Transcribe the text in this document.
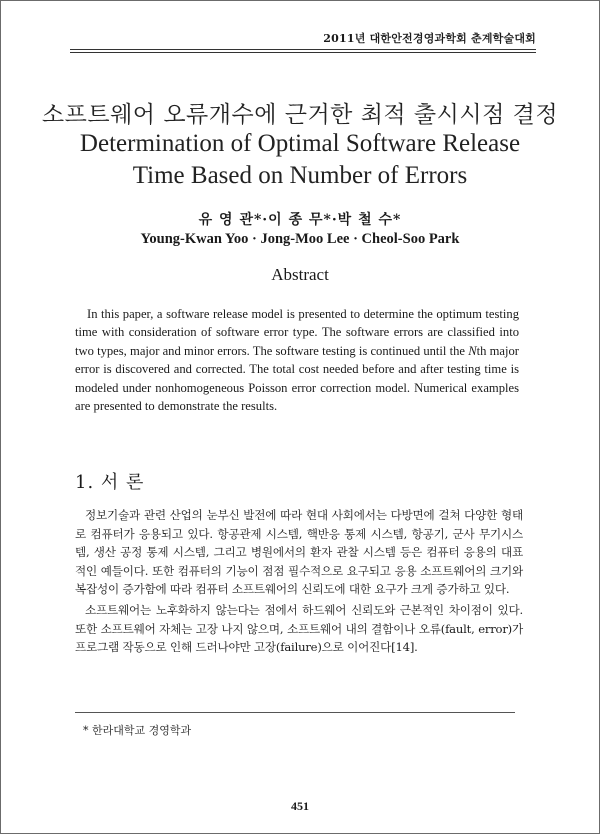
2011년 대한안전경영과학회 춘계학술대회
소프트웨어 오류개수에 근거한 최적 출시시점 결정
Determination of Optimal Software Release
Time Based on Number of Errors
유 영 관*·이 종 무*·박 철 수*
Young-Kwan Yoo · Jong-Moo Lee · Cheol-Soo Park
Abstract

In this paper, a software release model is presented to determine the optimum testing time with consideration of software error type. The software errors are classified into two types, major and minor errors. The software testing is continued until the Nth major error is discovered and corrected. The total cost needed before and after testing time is modeled under nonhomogeneous Poisson error correction model. Numerical examples are presented to demonstrate the results.

1. 서 론

정보기술과 관련 산업의 눈부신 발전에 따라 현대 사회에서는 다방면에 걸쳐 다양한 형태로 컴퓨터가 응용되고 있다. 항공관제 시스템, 핵반응 통제 시스템, 항공기, 군사 무기시스템, 생산 공정 통제 시스템, 그리고 병원에서의 환자 관찰 시스템 등은 컴퓨터 응용의 대표적인 예들이다. 또한 컴퓨터의 기능이 점점 필수적으로 요구되고 응용 소프트웨어의 크기와 복잡성이 증가함에 따라 컴퓨터 소프트웨어의 신뢰도에 대한 요구가 크게 증가하고 있다.

소프트웨어는 노후화하지 않는다는 점에서 하드웨어 신뢰도와 근본적인 차이점이 있다. 또한 소프트웨어 자체는 고장 나지 않으며, 소프트웨어 내의 결함이나 오류(fault, error)가 프로그램 작동으로 인해 드러나야만 고장(failure)으로 이어진다[14].

* 한라대학교 경영학과
451
